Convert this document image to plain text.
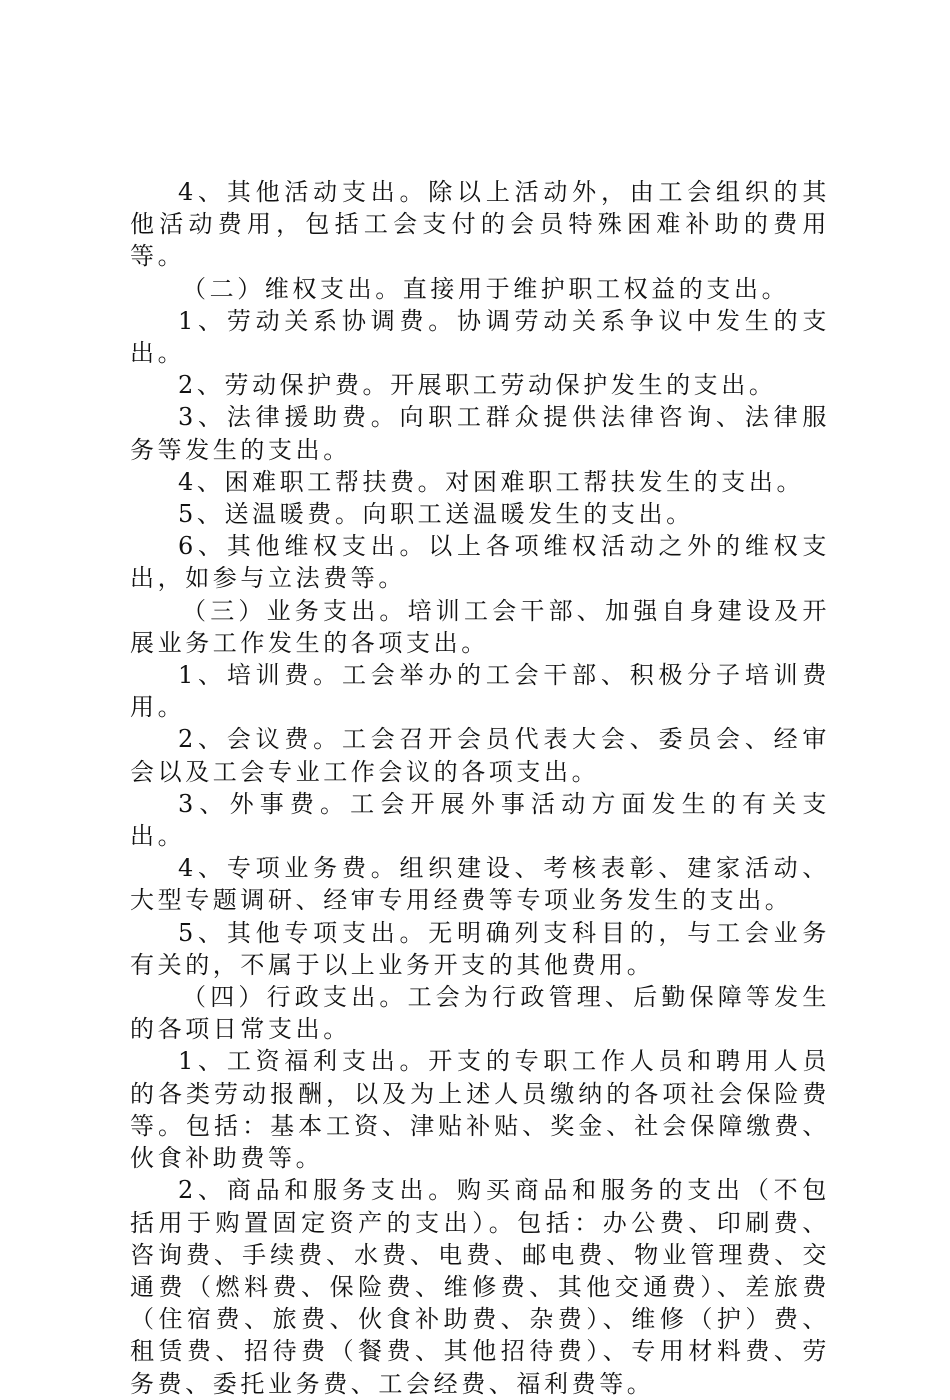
4、其他活动支出。除以上活动外，由工会组织的其他活动费用，包括工会支付的会员特殊困难补助的费用等。

（二）维权支出。直接用于维护职工权益的支出。

1、劳动关系协调费。协调劳动关系争议中发生的支出。

2、劳动保护费。开展职工劳动保护发生的支出。

3、法律援助费。向职工群众提供法律咨询、法律服务等发生的支出。

4、困难职工帮扶费。对困难职工帮扶发生的支出。

5、送温暖费。向职工送温暖发生的支出。

6、其他维权支出。以上各项维权活动之外的维权支出，如参与立法费等。

（三）业务支出。培训工会干部、加强自身建设及开展业务工作发生的各项支出。

1、培训费。工会举办的工会干部、积极分子培训费用。

2、会议费。工会召开会员代表大会、委员会、经审会以及工会专业工作会议的各项支出。

3、外事费。工会开展外事活动方面发生的有关支出。

4、专项业务费。组织建设、考核表彰、建家活动、大型专题调研、经审专用经费等专项业务发生的支出。

5、其他专项支出。无明确列支科目的，与工会业务有关的，不属于以上业务开支的其他费用。

（四）行政支出。工会为行政管理、后勤保障等发生的各项日常支出。

1、工资福利支出。开支的专职工作人员和聘用人员的各类劳动报酬，以及为上述人员缴纳的各项社会保险费等。包括：基本工资、津贴补贴、奖金、社会保障缴费、伙食补助费等。

2、商品和服务支出。购买商品和服务的支出（不包括用于购置固定资产的支出）。包括：办公费、印刷费、咨询费、手续费、水费、电费、邮电费、物业管理费、交通费（燃料费、保险费、维修费、其他交通费）、差旅费（住宿费、旅费、伙食补助费、杂费）、维修（护）费、租赁费、招待费（餐费、其他招待费）、专用材料费、劳务费、委托业务费、工会经费、福利费等。
